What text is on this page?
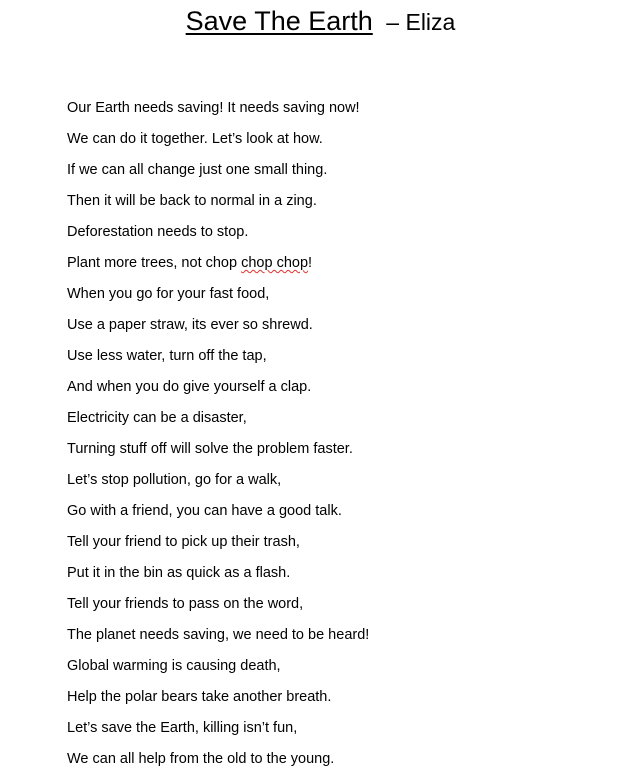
Save The Earth – Eliza
Our Earth needs saving! It needs saving now!
We can do it together. Let’s look at how.
If we can all change just one small thing.
Then it will be back to normal in a zing.
Deforestation needs to stop.
Plant more trees, not chop chop chop!
When you go for your fast food,
Use a paper straw, its ever so shrewd.
Use less water, turn off the tap,
And when you do give yourself a clap.
Electricity can be a disaster,
Turning stuff off will solve the problem faster.
Let’s stop pollution, go for a walk,
Go with a friend, you can have a good talk.
Tell your friend to pick up their trash,
Put it in the bin as quick as a flash.
Tell your friends to pass on the word,
The planet needs saving, we need to be heard!
Global warming is causing death,
Help the polar bears take another breath.
Let’s save the Earth, killing isn’t fun,
We can all help from the old to the young.
